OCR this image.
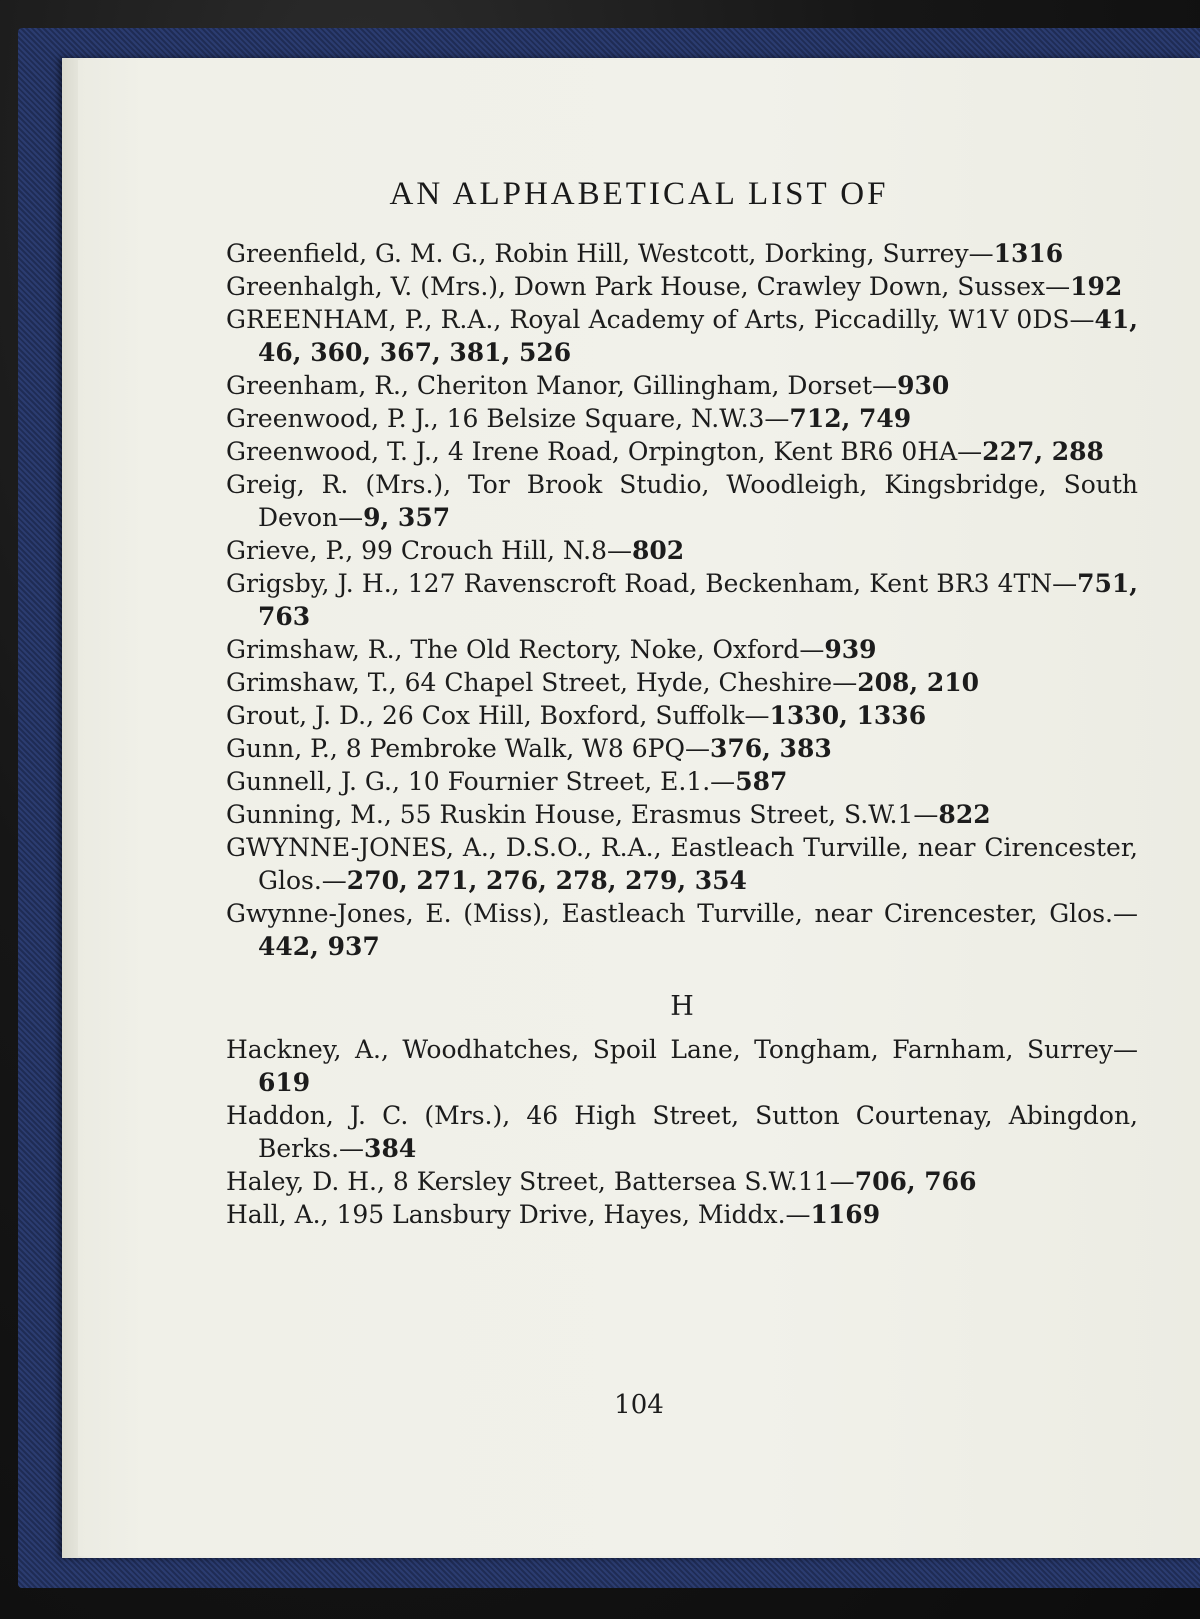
AN ALPHABETICAL LIST OF

Greenfield, G. M. G., Robin Hill, Westcott, Dorking, Surrey—1316

Greenhalgh, V. (Mrs.), Down Park House, Crawley Down, Sussex—192

GREENHAM, P., R.A., Royal Academy of Arts, Piccadilly, W1V 0DS—41, 46, 360, 367, 381, 526

Greenham, R., Cheriton Manor, Gillingham, Dorset—930

Greenwood, P. J., 16 Belsize Square, N.W.3—712, 749

Greenwood, T. J., 4 Irene Road, Orpington, Kent BR6 0HA—227, 288

Greig, R. (Mrs.), Tor Brook Studio, Woodleigh, Kingsbridge, South Devon—9, 357

Grieve, P., 99 Crouch Hill, N.8—802

Grigsby, J. H., 127 Ravenscroft Road, Beckenham, Kent BR3 4TN—751, 763

Grimshaw, R., The Old Rectory, Noke, Oxford—939

Grimshaw, T., 64 Chapel Street, Hyde, Cheshire—208, 210

Grout, J. D., 26 Cox Hill, Boxford, Suffolk—1330, 1336

Gunn, P., 8 Pembroke Walk, W8 6PQ—376, 383

Gunnell, J. G., 10 Fournier Street, E.1.—587

Gunning, M., 55 Ruskin House, Erasmus Street, S.W.1—822

GWYNNE-JONES, A., D.S.O., R.A., Eastleach Turville, near Cirencester, Glos.—270, 271, 276, 278, 279, 354

Gwynne-Jones, E. (Miss), Eastleach Turville, near Cirencester, Glos.—442, 937

H

Hackney, A., Woodhatches, Spoil Lane, Tongham, Farnham, Surrey—619

Haddon, J. C. (Mrs.), 46 High Street, Sutton Courtenay, Abingdon, Berks.—384

Haley, D. H., 8 Kersley Street, Battersea S.W.11—706, 766

Hall, A., 195 Lansbury Drive, Hayes, Middx.—1169

104
